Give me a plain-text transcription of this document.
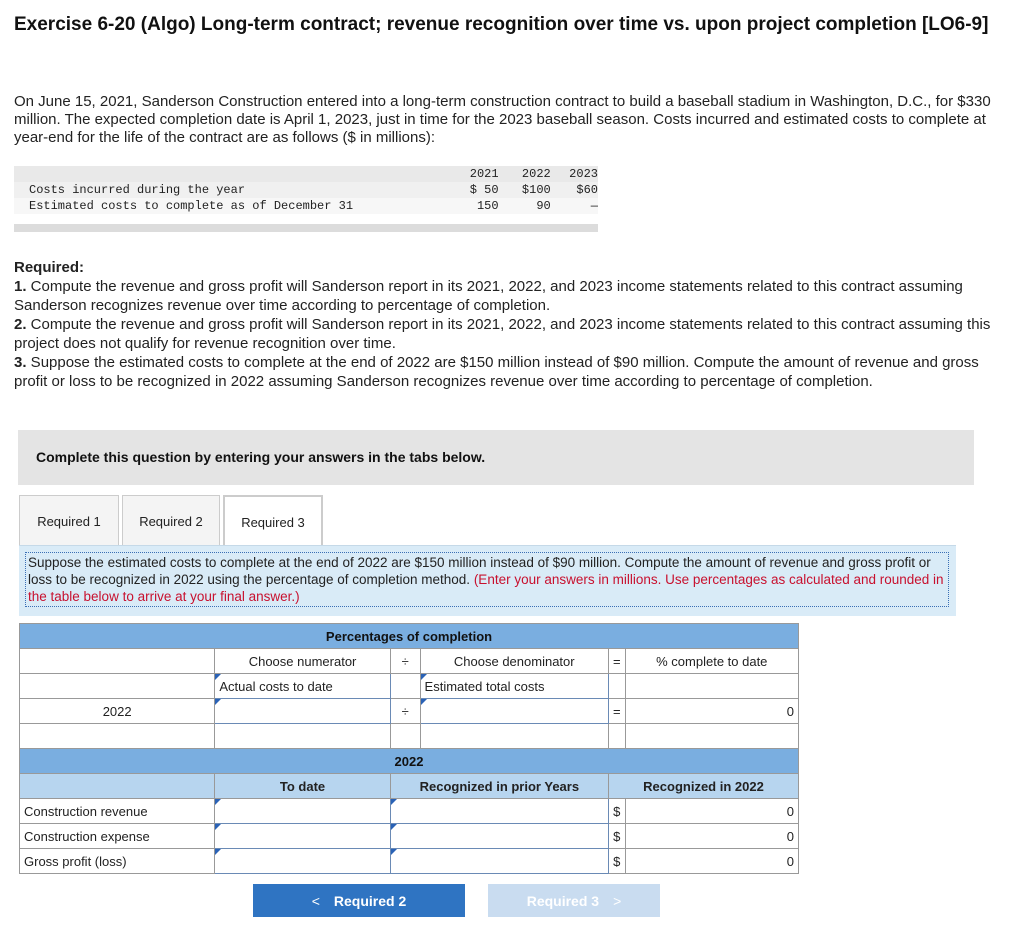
Exercise 6-20 (Algo) Long-term contract; revenue recognition over time vs. upon project completion [LO6-9]
On June 15, 2021, Sanderson Construction entered into a long-term construction contract to build a baseball stadium in Washington, D.C., for $330 million. The expected completion date is April 1, 2023, just in time for the 2023 baseball season. Costs incurred and estimated costs to complete at year-end for the life of the contract are as follows ($ in millions):
2021	2022	2023
Costs incurred during the year	$ 50	$100	$60
Estimated costs to complete as of December 31	150	90	—
Required:
1. Compute the revenue and gross profit will Sanderson report in its 2021, 2022, and 2023 income statements related to this contract assuming Sanderson recognizes revenue over time according to percentage of completion.
2. Compute the revenue and gross profit will Sanderson report in its 2021, 2022, and 2023 income statements related to this contract assuming this project does not qualify for revenue recognition over time.
3. Suppose the estimated costs to complete at the end of 2022 are $150 million instead of $90 million. Compute the amount of revenue and gross profit or loss to be recognized in 2022 assuming Sanderson recognizes revenue over time according to percentage of completion.
Complete this question by entering your answers in the tabs below.
Required 1	Required 2	Required 3
Suppose the estimated costs to complete at the end of 2022 are $150 million instead of $90 million. Compute the amount of revenue and gross profit or loss to be recognized in 2022 using the percentage of completion method. (Enter your answers in millions. Use percentages as calculated and rounded in the table below to arrive at your final answer.)
Percentages of completion					
	Choose numerator	÷	Choose denominator	=	% complete to date
	Actual costs to date		Estimated total costs		
2022		÷		=	0

2022					
	To date	Recognized in prior Years		Recognized in 2022	
Construction revenue				$	0
Construction expense				$	0
Gross profit (loss)				$	0
< Required 2	Required 3 >
